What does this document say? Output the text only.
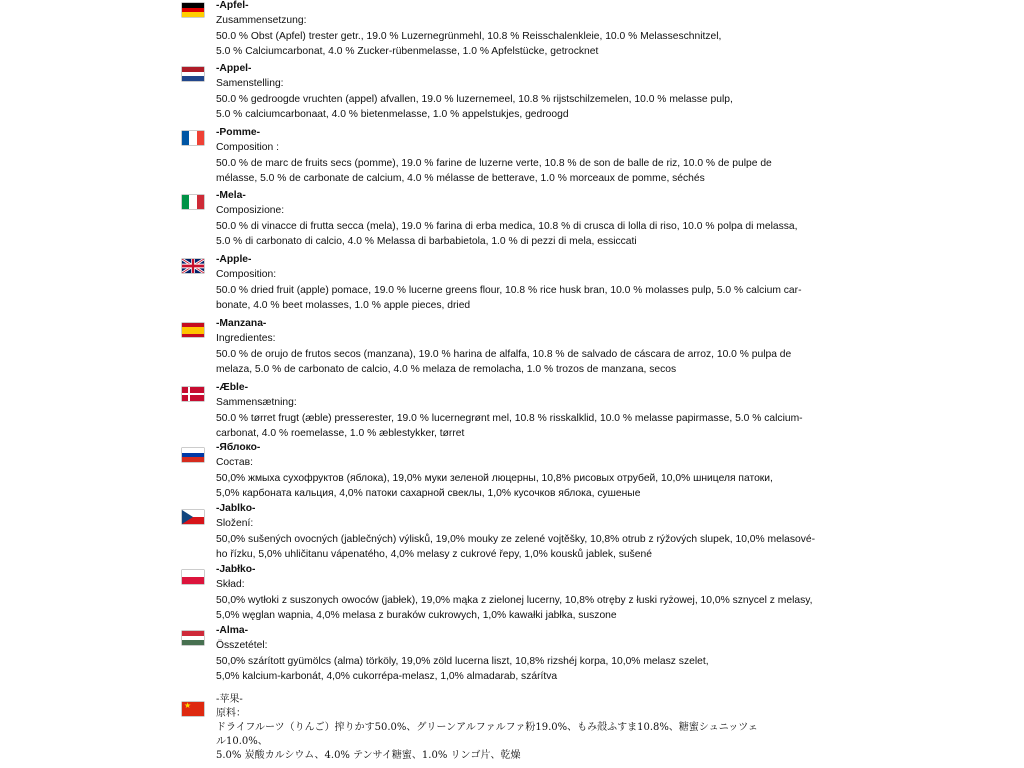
-Apfel-
Zusammensetzung:
50.0 % Obst (Apfel) trester getr., 19.0 % Luzernegrünmehl, 10.8 % Reisschalenkleie, 10.0 % Melasseschnitzel,
5.0 % Calciumcarbonat, 4.0 % Zucker-rübenmelasse, 1.0 % Apfelstücke, getrocknet
-Appel-
Samenstelling:
50.0 % gedroogde vruchten (appel) afvallen, 19.0 % luzernemeel, 10.8 % rijstschilzemelen, 10.0 % melasse pulp,
5.0 % calciumcarbonaat, 4.0 % bietenmelasse, 1.0 % appelstukjes, gedroogd
-Pomme-
Composition :
50.0 % de marc de fruits secs (pomme), 19.0 % farine de luzerne verte, 10.8 % de son de balle de riz, 10.0 % de pulpe de
mélasse, 5.0 % de carbonate de calcium, 4.0 % mélasse de betterave, 1.0 % morceaux de pomme, séchés
-Mela-
Composizione:
50.0 % di vinacce di frutta secca (mela), 19.0 % farina di erba medica, 10.8 % di crusca di lolla di riso, 10.0 % polpa di melassa,
5.0 % di carbonato di calcio, 4.0 % Melassa di barbabietola, 1.0 % di pezzi di mela, essiccati
-Apple-
Composition:
50.0 % dried fruit (apple) pomace, 19.0 % lucerne greens flour, 10.8 % rice husk bran, 10.0 % molasses pulp, 5.0 % calcium car-
bonate, 4.0 % beet molasses, 1.0 % apple pieces, dried
-Manzana-
Ingredientes:
50.0 % de orujo de frutos secos (manzana), 19.0 % harina de alfalfa, 10.8 % de salvado de cáscara de arroz, 10.0 % pulpa de
melaza, 5.0 % de carbonato de calcio, 4.0 % melaza de remolacha, 1.0 % trozos de manzana, secos
-Æble-
Sammensætning:
50.0 % tørret frugt (æble) presserester, 19.0 % lucernegrønt mel, 10.8 % risskalklid, 10.0 % melasse papirmasse, 5.0 % calcium-
carbonat, 4.0 % roemelasse, 1.0 % æblestykker, tørret
-Яблоко-
Состав:
50,0% жмыха сухофруктов (яблока), 19,0% муки зеленой люцерны, 10,8% рисовых отрубей, 10,0% шницеля патоки,
5,0% карбоната кальция, 4,0% патоки сахарной свеклы, 1,0% кусочков яблока, сушеные
-Jablko-
Složení:
50,0% sušených ovocných (jablečných) výlisků, 19,0% mouky ze zelené vojtěšky, 10,8% otrub z rýžových slupek, 10,0% melasové-
ho řízku, 5,0% uhličitanu vápenatého, 4,0% melasy z cukrové řepy, 1,0% kousků jablek, sušené
-Jabłko-
Skład:
50,0% wytłoki z suszonych owoców (jabłek), 19,0% mąka z zielonej lucerny, 10,8% otręby z łuski ryżowej, 10,0% sznycel z melasy,
5,0% węglan wapnia, 4,0% melasa z buraków cukrowych, 1,0% kawałki jabłka, suszone
-Alma-
Összetétel:
50,0% szárított gyümölcs (alma) törköly, 19,0% zöld lucerna liszt, 10,8% rizshéj korpa, 10,0% melasz szelet,
5,0% kalcium-karbonát, 4,0% cukorrépa-melasz, 1,0% almadarab, szárítva
★
-苹果-
原料：
ドライフルーツ（りんご）搾りかす50.0%、グリーンアルファルファ粉19.0%、もみ殻ふすま10.8%、糖蜜シュニッツェ
ル10.0%、
5.0% 炭酸カルシウム、4.0% テンサイ糖蜜、1.0% リンゴ片、乾燥
